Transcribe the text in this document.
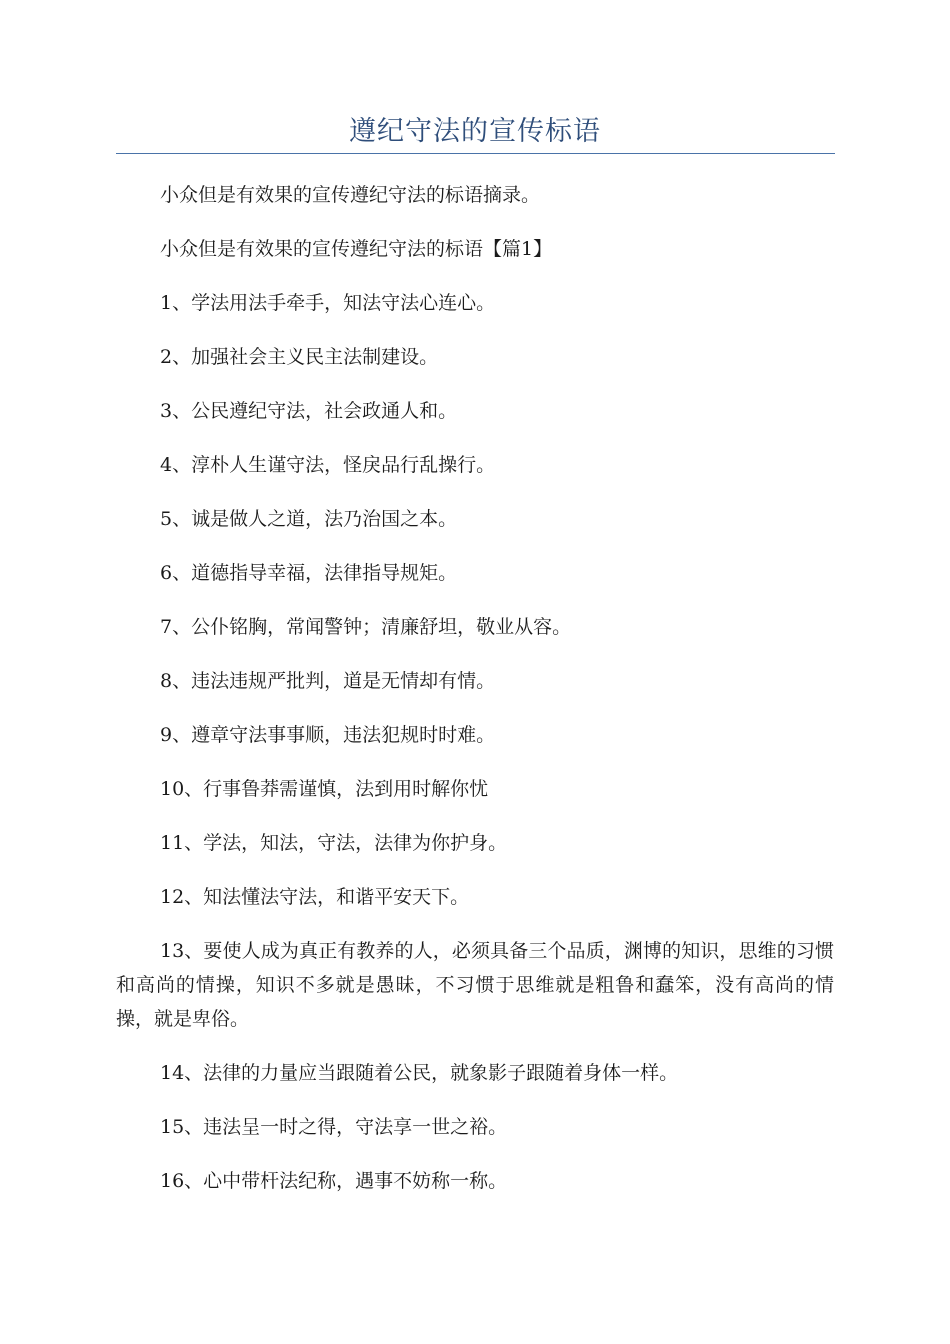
遵纪守法的宣传标语

小众但是有效果的宣传遵纪守法的标语摘录。

小众但是有效果的宣传遵纪守法的标语【篇1】

1、学法用法手牵手，知法守法心连心。

2、加强社会主义民主法制建设。

3、公民遵纪守法，社会政通人和。

4、淳朴人生谨守法，怪戾品行乱操行。

5、诚是做人之道，法乃治国之本。

6、道德指导幸福，法律指导规矩。

7、公仆铭胸，常闻警钟；清廉舒坦，敬业从容。

8、违法违规严批判，道是无情却有情。

9、遵章守法事事顺，违法犯规时时难。

10、行事鲁莽需谨慎，法到用时解你忧

11、学法，知法，守法，法律为你护身。

12、知法懂法守法，和谐平安天下。

13、要使人成为真正有教养的人，必须具备三个品质，渊博的知识，思维的习惯和高尚的情操，知识不多就是愚昧，不习惯于思维就是粗鲁和蠢笨，没有高尚的情操，就是卑俗。

14、法律的力量应当跟随着公民，就象影子跟随着身体一样。

15、违法呈一时之得，守法享一世之裕。

16、心中带杆法纪称，遇事不妨称一称。
